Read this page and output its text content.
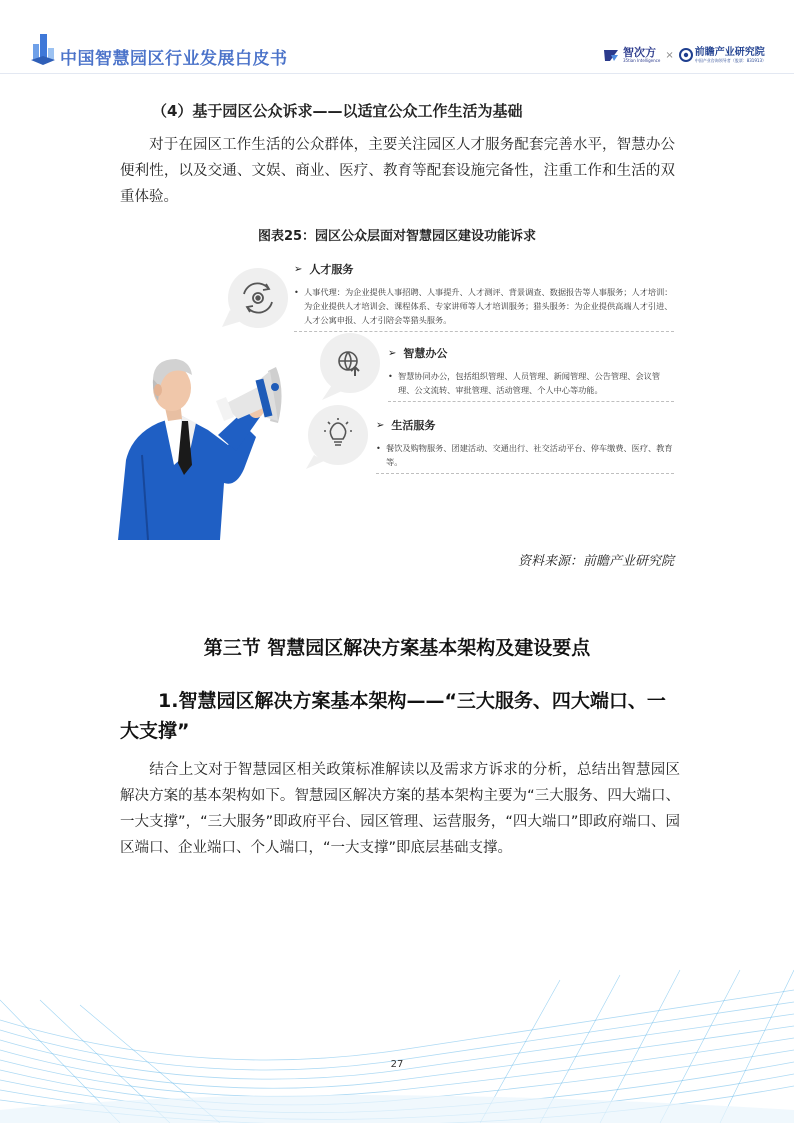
中国智慧园区行业发展白皮书	智次方
35tian Intelligence × 前瞻产业研究院
中国产业咨询领导者（股票：831913）
（4）基于园区公众诉求——以适宜公众工作生活为基础
对于在园区工作生活的公众群体，主要关注园区人才服务配套完善水平，智慧办公便利性，以及交通、文娱、商业、医疗、教育等配套设施完备性，注重工作和生活的双重体验。
图表25：园区公众层面对智慧园区建设功能诉求
➢ 人才服务
• 人事代理：为企业提供人事招聘、人事提升、人才测评、背景调查、数据报告等人事服务；人才培训：为企业提供人才培训会、课程体系、专家讲师等人才培训服务；猎头服务：为企业提供高端人才引进、人才公寓申报、人才引陪会等猎头服务。
➢ 智慧办公
• 智慧协同办公，包括组织管理、人员管理、新闻管理、公告管理、会议管理、公文流转、审批管理、活动管理、个人中心等功能。
➢ 生活服务
• 餐饮及购物服务、团建活动、交通出行、社交活动平台、停车缴费、医疗、教育等。
资料来源：前瞻产业研究院
第三节 智慧园区解决方案基本架构及建设要点
1.智慧园区解决方案基本架构——“三大服务、四大端口、一大支撑”
结合上文对于智慧园区相关政策标准解读以及需求方诉求的分析，总结出智慧园区解决方案的基本架构如下。智慧园区解决方案的基本架构主要为“三大服务、四大端口、一大支撑”，“三大服务”即政府平台、园区管理、运营服务，“四大端口”即政府端口、园区端口、企业端口、个人端口，“一大支撑”即底层基础支撑。
27
